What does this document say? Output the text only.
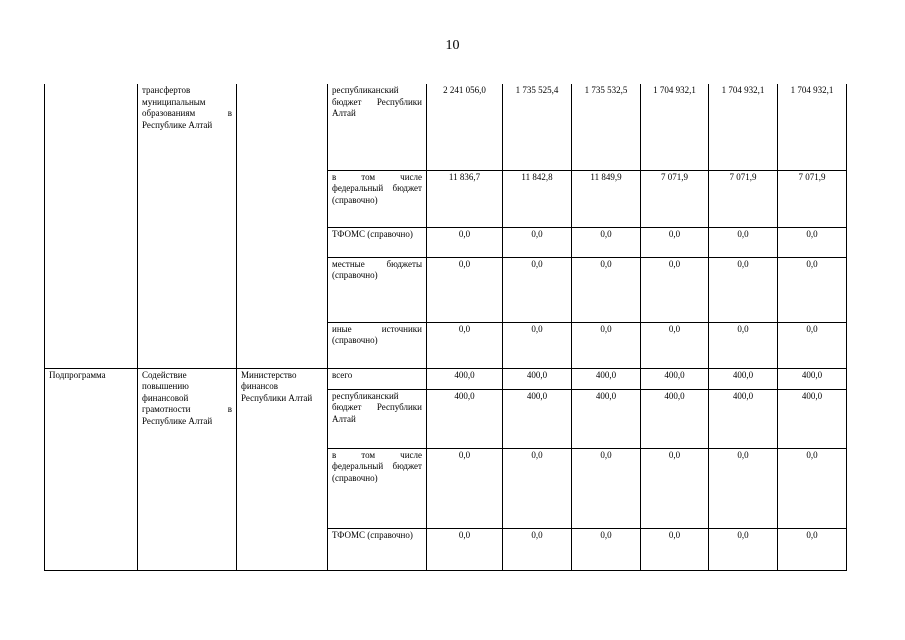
10
	трансфертов муниципальным образованиям в Республике Алтай		республиканский бюджет Республики Алтай	2 241 056,0	1 735 525,4	1 735 532,5	1 704 932,1	1 704 932,1	1 704 932,1
			в том числе федеральный бюджет (справочно)	11 836,7	11 842,8	11 849,9	7 071,9	7 071,9	7 071,9
			ТФОМС (справочно)	0,0	0,0	0,0	0,0	0,0	0,0
			местные бюджеты (справочно)	0,0	0,0	0,0	0,0	0,0	0,0
			иные источники (справочно)	0,0	0,0	0,0	0,0	0,0	0,0
Подпрограмма	Содействие повышению финансовой грамотности в Республике Алтай	Министерство финансов Республики Алтай	всего	400,0	400,0	400,0	400,0	400,0	400,0
			республиканский бюджет Республики Алтай	400,0	400,0	400,0	400,0	400,0	400,0
			в том числе федеральный бюджет (справочно)	0,0	0,0	0,0	0,0	0,0	0,0
			ТФОМС (справочно)	0,0	0,0	0,0	0,0	0,0	0,0
